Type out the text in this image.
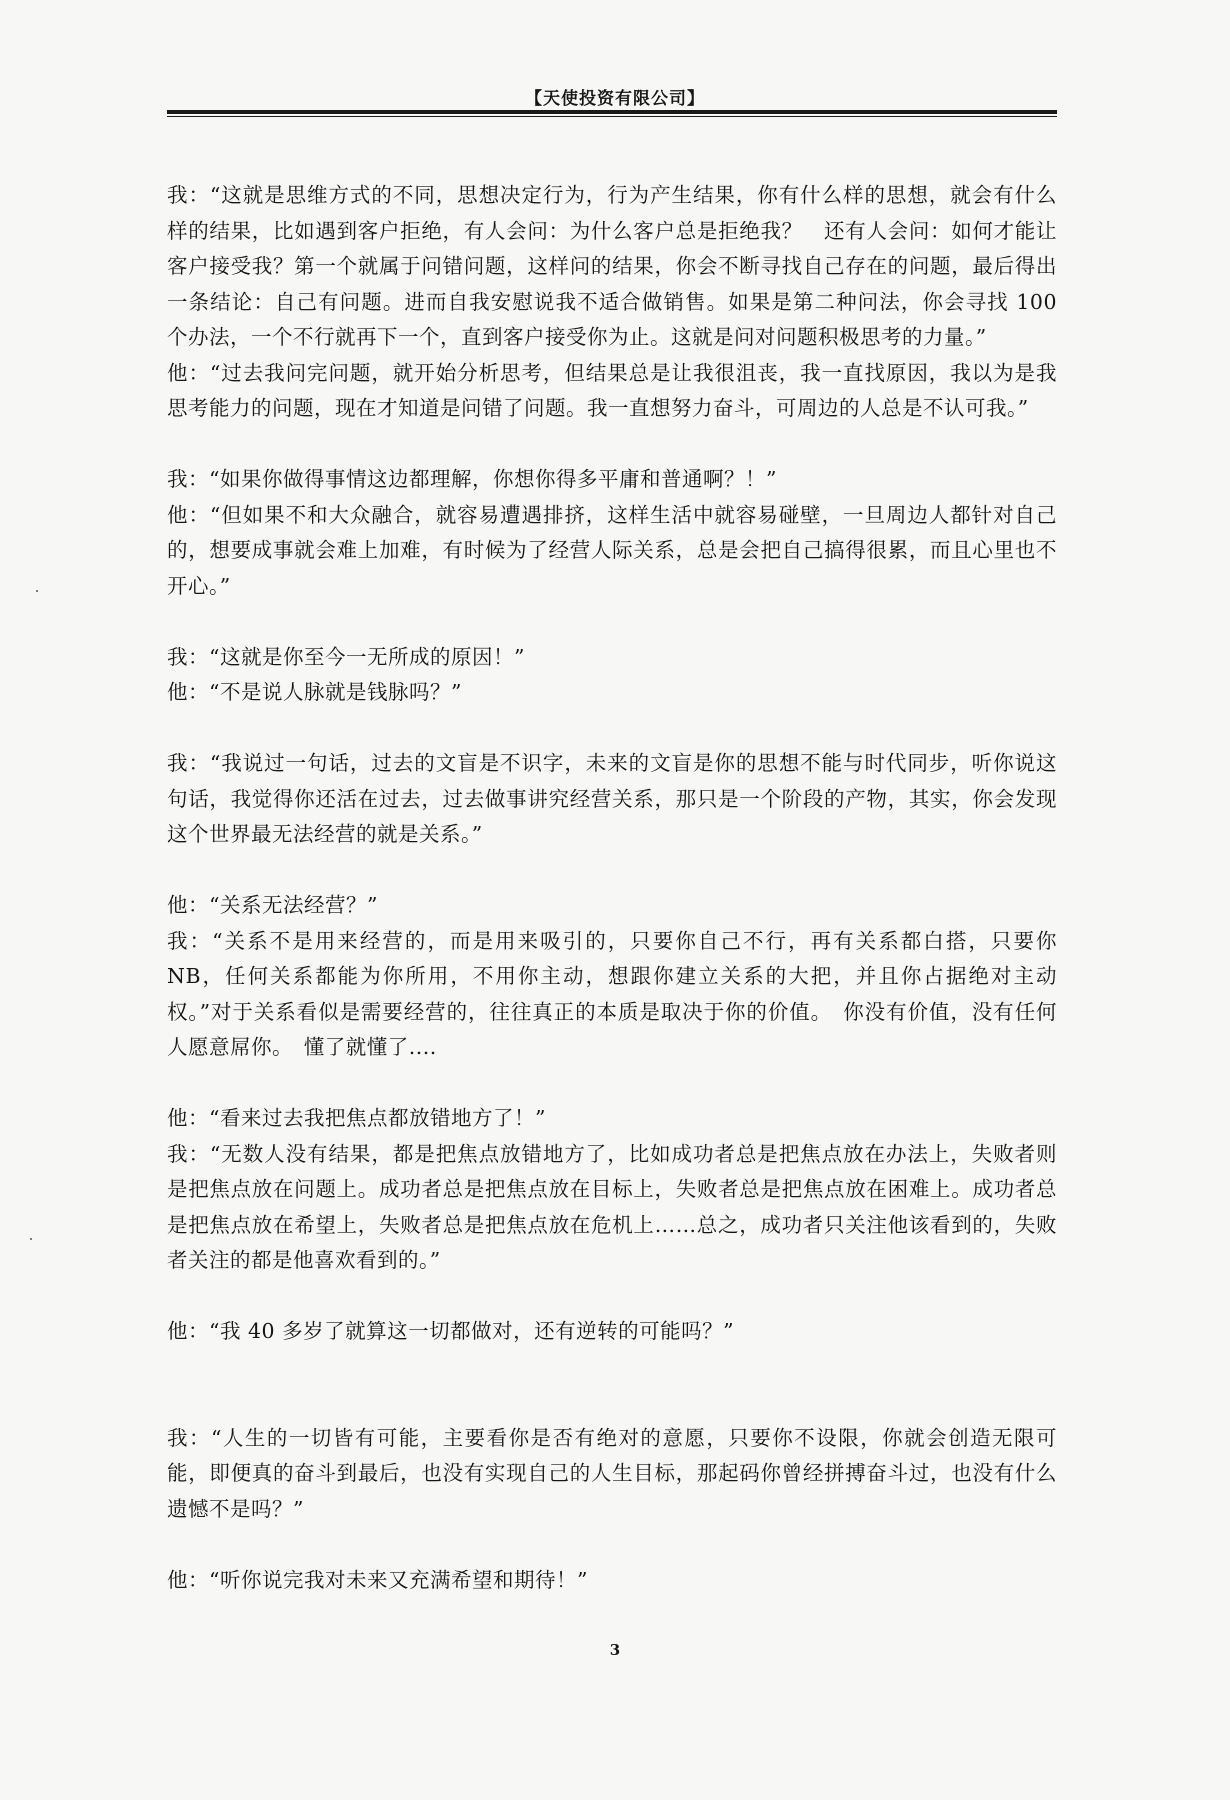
【天使投资有限公司】

我：“这就是思维方式的不同，思想决定行为，行为产生结果，你有什么样的思想，就会有什么样的结果，比如遇到客户拒绝，有人会问：为什么客户总是拒绝我？　还有人会问：如何才能让客户接受我？第一个就属于问错问题，这样问的结果，你会不断寻找自己存在的问题，最后得出一条结论：自己有问题。进而自我安慰说我不适合做销售。如果是第二种问法，你会寻找 100 个办法，一个不行就再下一个，直到客户接受你为止。这就是问对问题积极思考的力量。”

他：“过去我问完问题，就开始分析思考，但结果总是让我很沮丧，我一直找原因，我以为是我思考能力的问题，现在才知道是问错了问题。我一直想努力奋斗，可周边的人总是不认可我。”

我：“如果你做得事情这边都理解，你想你得多平庸和普通啊？！”

他：“但如果不和大众融合，就容易遭遇排挤，这样生活中就容易碰壁，一旦周边人都针对自己的，想要成事就会难上加难，有时候为了经营人际关系，总是会把自己搞得很累，而且心里也不开心。”

我：“这就是你至今一无所成的原因！”

他：“不是说人脉就是钱脉吗？”

我：“我说过一句话，过去的文盲是不识字，未来的文盲是你的思想不能与时代同步，听你说这句话，我觉得你还活在过去，过去做事讲究经营关系，那只是一个阶段的产物，其实，你会发现这个世界最无法经营的就是关系。”

他：“关系无法经营？”

我：“关系不是用来经营的，而是用来吸引的，只要你自己不行，再有关系都白搭，只要你 NB，任何关系都能为你所用，不用你主动，想跟你建立关系的大把，并且你占据绝对主动权。”对于关系看似是需要经营的，往往真正的本质是取决于你的价值。　你没有价值，没有任何人愿意屌你。　懂了就懂了....

他：“看来过去我把焦点都放错地方了！”

我：“无数人没有结果，都是把焦点放错地方了，比如成功者总是把焦点放在办法上，失败者则是把焦点放在问题上。成功者总是把焦点放在目标上，失败者总是把焦点放在困难上。成功者总是把焦点放在希望上，失败者总是把焦点放在危机上……总之，成功者只关注他该看到的，失败者关注的都是他喜欢看到的。”

他：“我 40 多岁了就算这一切都做对，还有逆转的可能吗？”

我：“人生的一切皆有可能，主要看你是否有绝对的意愿，只要你不设限，你就会创造无限可能，即便真的奋斗到最后，也没有实现自己的人生目标，那起码你曾经拼搏奋斗过，也没有什么遗憾不是吗？”

他：“听你说完我对未来又充满希望和期待！”

3
